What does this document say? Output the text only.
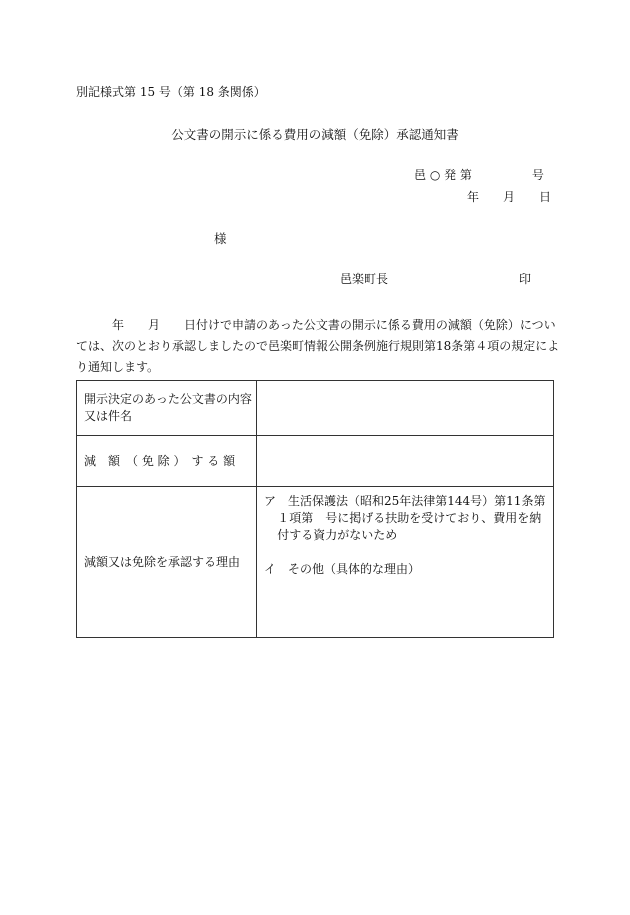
別記様式第 15 号（第 18 条関係）
公文書の開示に係る費用の減額（免除）承認通知書
邑 ○ 発 第　　　　　号
年　　月　　日
様
邑楽町長	印
　　　年　　月　　日付けで申請のあった公文書の開示に係る費用の減額（免除）については、次のとおり承認しましたので邑楽町情報公開条例施行規則第18条第４項の規定により通知します。
開示決定のあった公文書の内容又は件名	
減　額　（ 免 除 ）　す る 額	
減額又は免除を承認する理由	ア　生活保護法（昭和25年法律第144号）第11条第１項第　号に掲げる扶助を受けており、費用を納付する資力がないため
イ　その他（具体的な理由）
